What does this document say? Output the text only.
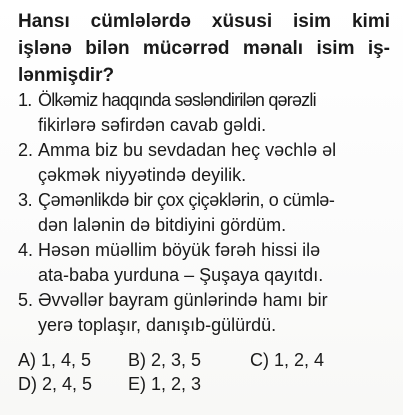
Hansı cümlələrdə xüsusi isim kimi
işlənə bilən mücərrəd mənalı isim iş-
lənmişdir?
1. Ölkəmiz haqqında səsləndirilən qərəzli
fikirlərə səfirdən cavab gəldi.
2. Amma biz bu sevdadan heç vəchlə əl
çəkmək niyyətində deyilik.
3. Çəmənlikdə bir çox çiçəklərin, o cümlə-
dən lalənin də bitdiyini gördüm.
4. Həsən müəllim böyük fərəh hissi ilə
ata-baba yurduna – Şuşaya qayıtdı.
5. Əvvəllər bayram günlərində hamı bir
yerə toplaşır, danışıb-gülürdü.
A) 1, 4, 5 B) 2, 3, 5	C) 1, 2, 4
D) 2, 4, 5 E) 1, 2, 3
